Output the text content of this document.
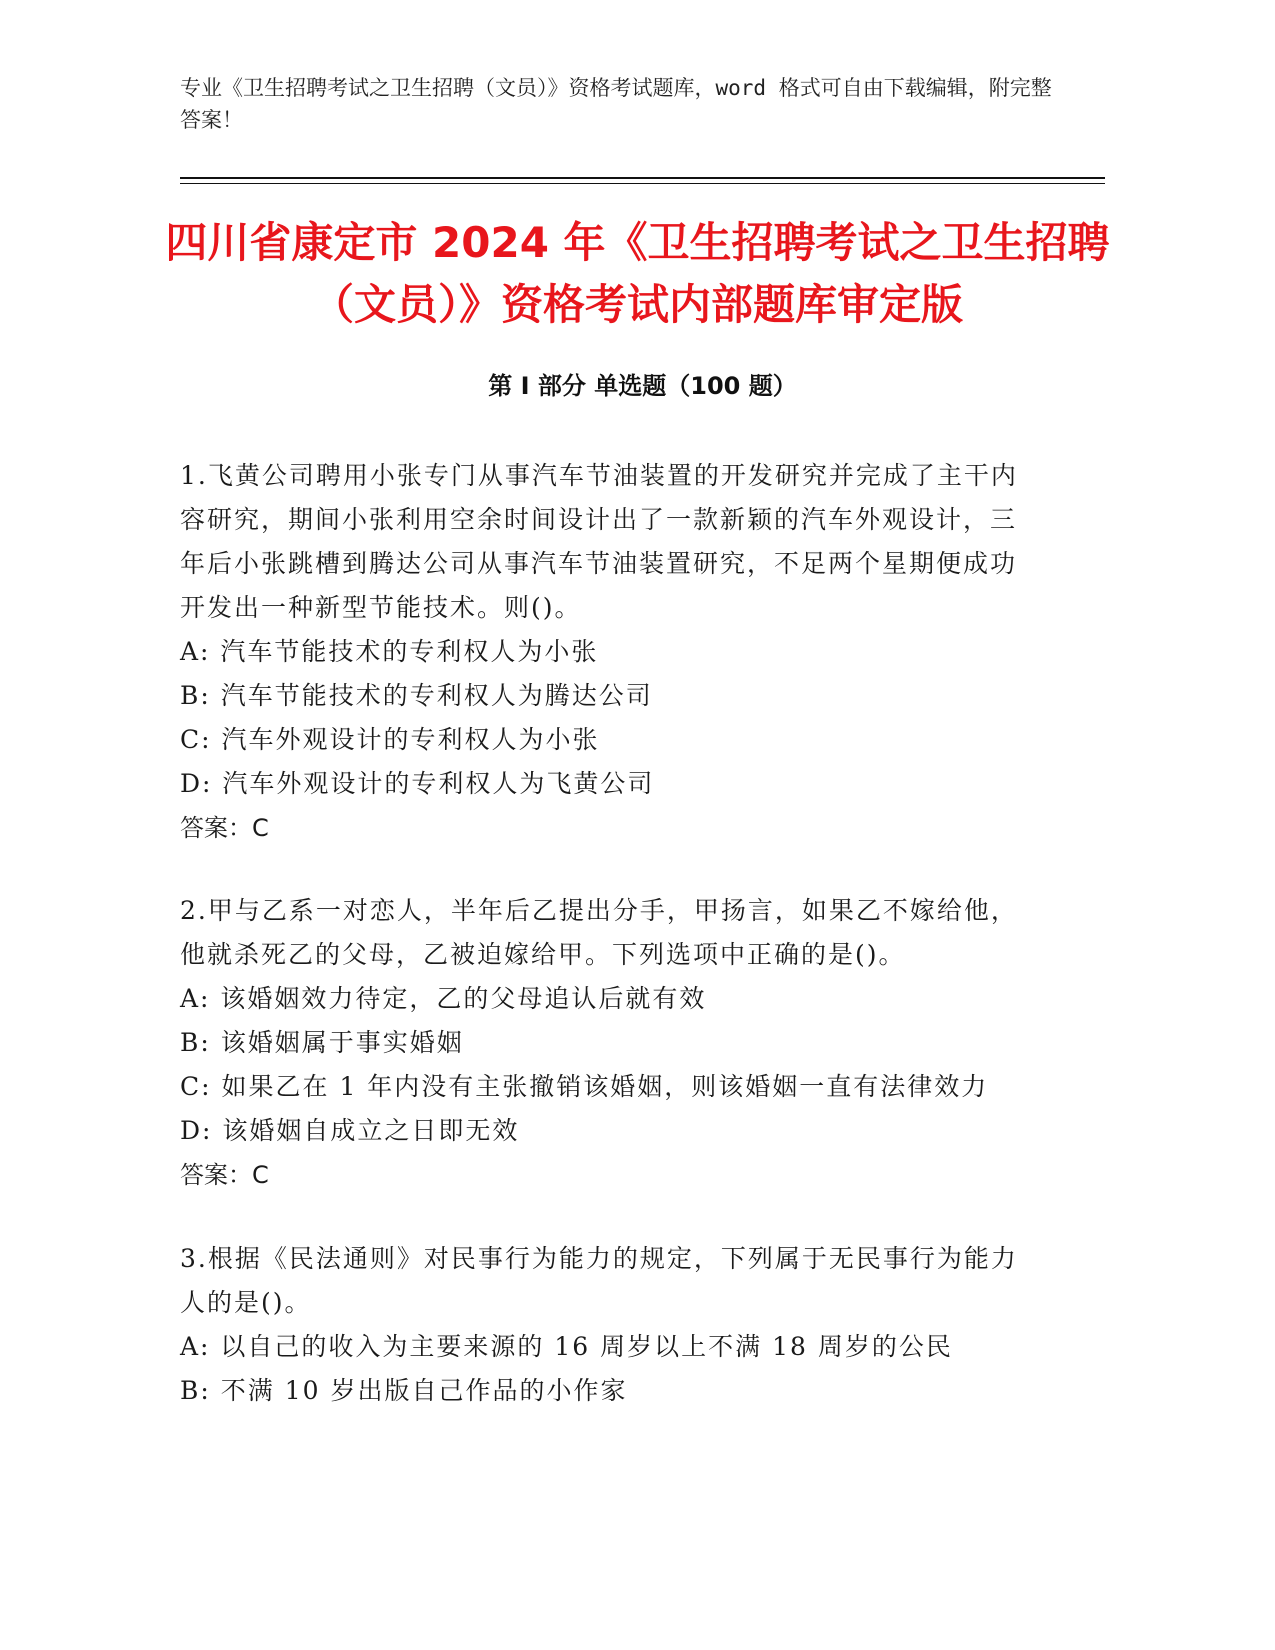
专业《卫生招聘考试之卫生招聘（文员）》资格考试题库，word 格式可自由下载编辑，附完整答案！
四川省康定市 2024 年《卫生招聘考试之卫生招聘（文员）》资格考试内部题库审定版
第 I 部分 单选题（100 题）
1.飞黄公司聘用小张专门从事汽车节油装置的开发研究并完成了主干内容研究，期间小张利用空余时间设计出了一款新颖的汽车外观设计，三年后小张跳槽到腾达公司从事汽车节油装置研究，不足两个星期便成功开发出一种新型节能技术。则()。
A: 汽车节能技术的专利权人为小张
B: 汽车节能技术的专利权人为腾达公司
C: 汽车外观设计的专利权人为小张
D: 汽车外观设计的专利权人为飞黄公司
答案：C
2.甲与乙系一对恋人，半年后乙提出分手，甲扬言，如果乙不嫁给他，他就杀死乙的父母，乙被迫嫁给甲。下列选项中正确的是()。
A: 该婚姻效力待定，乙的父母追认后就有效
B: 该婚姻属于事实婚姻
C: 如果乙在 1 年内没有主张撤销该婚姻，则该婚姻一直有法律效力
D: 该婚姻自成立之日即无效
答案：C
3.根据《民法通则》对民事行为能力的规定，下列属于无民事行为能力人的是()。
A: 以自己的收入为主要来源的 16 周岁以上不满 18 周岁的公民
B: 不满 10 岁出版自己作品的小作家
